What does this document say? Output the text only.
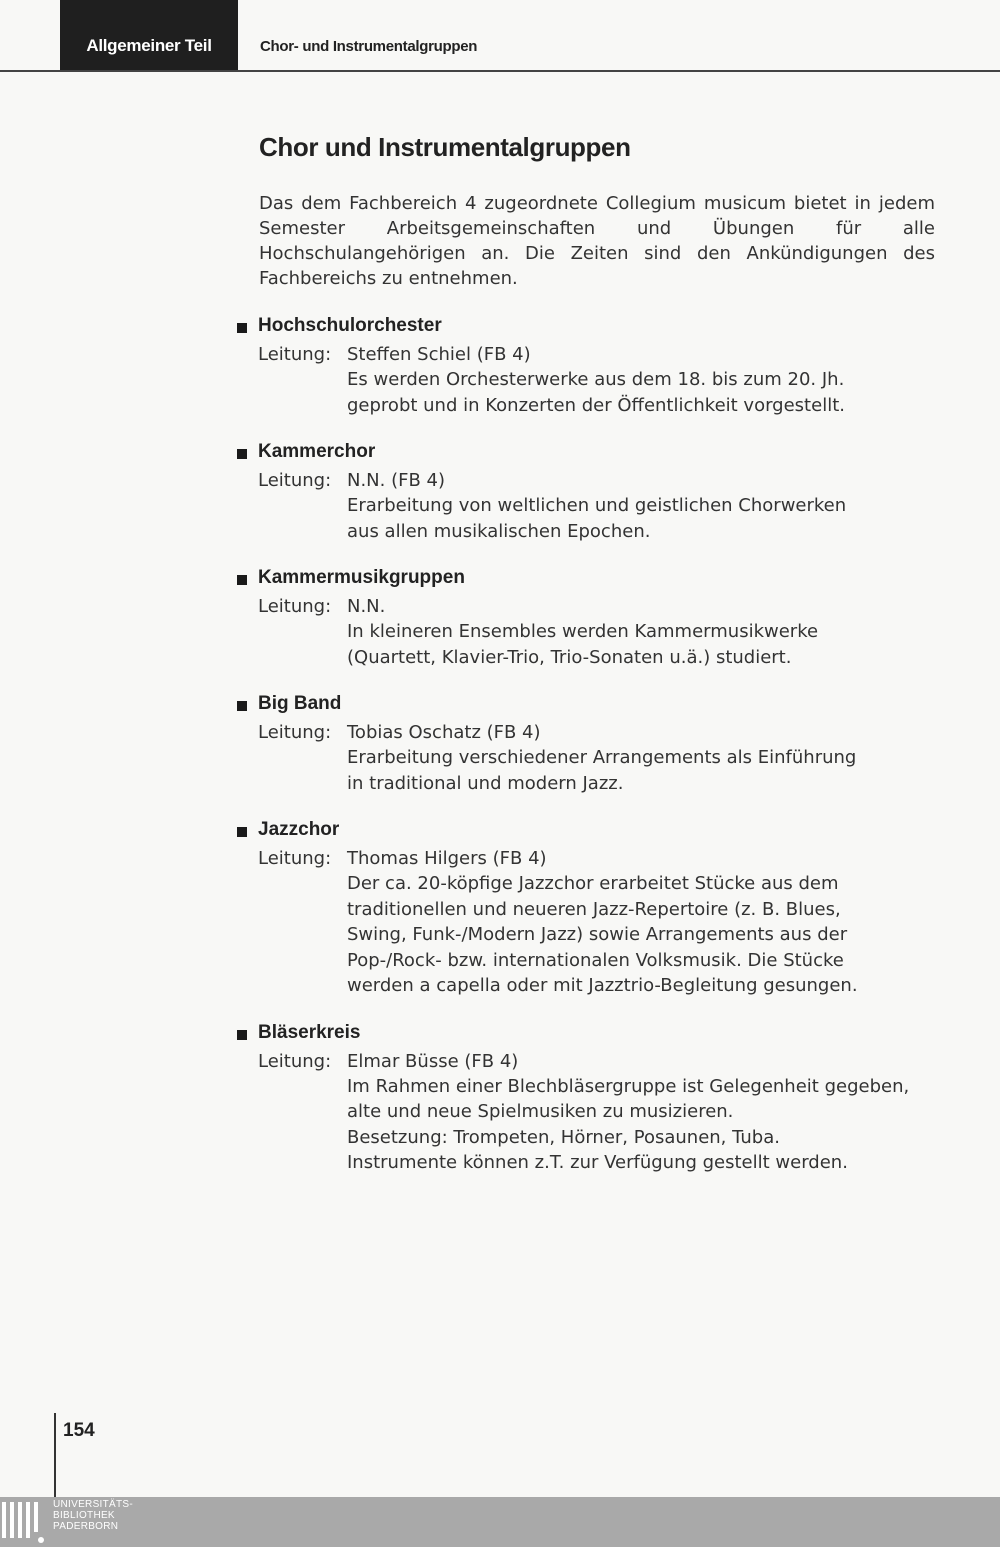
Allgemeiner Teil	Chor- und Instrumentalgruppen
Chor und Instrumentalgruppen

Das dem Fachbereich 4 zugeordnete Collegium musicum bietet in jedem Semester Arbeitsgemeinschaften und Übungen für alle Hochschulangehörigen an. Die Zeiten sind den Ankündigungen des Fachbereichs zu entnehmen.

Hochschulorchester
Leitung: Steffen Schiel (FB 4)
Es werden Orchesterwerke aus dem 18. bis zum 20. Jh.
geprobt und in Konzerten der Öffentlichkeit vorgestellt.
Kammerchor
Leitung: N.N. (FB 4)
Erarbeitung von weltlichen und geistlichen Chorwerken
aus allen musikalischen Epochen.
Kammermusikgruppen
Leitung: N.N.
In kleineren Ensembles werden Kammermusikwerke
(Quartett, Klavier-Trio, Trio-Sonaten u.ä.) studiert.
Big Band
Leitung: Tobias Oschatz (FB 4)
Erarbeitung verschiedener Arrangements als Einführung
in traditional und modern Jazz.
Jazzchor
Leitung: Thomas Hilgers (FB 4)
Der ca. 20-köpfige Jazzchor erarbeitet Stücke aus dem
traditionellen und neueren Jazz-Repertoire (z. B. Blues,
Swing, Funk-/Modern Jazz) sowie Arrangements aus der
Pop-/Rock- bzw. internationalen Volksmusik. Die Stücke
werden a capella oder mit Jazztrio-Begleitung gesungen.
Bläserkreis
Leitung: Elmar Büsse (FB 4)
Im Rahmen einer Blechbläsergruppe ist Gelegenheit gegeben,
alte und neue Spielmusiken zu musizieren.
Besetzung: Trompeten, Hörner, Posaunen, Tuba.
Instrumente können z.T. zur Verfügung gestellt werden.
154
UNIVERSITÄTS-
BIBLIOTHEK
PADERBORN
